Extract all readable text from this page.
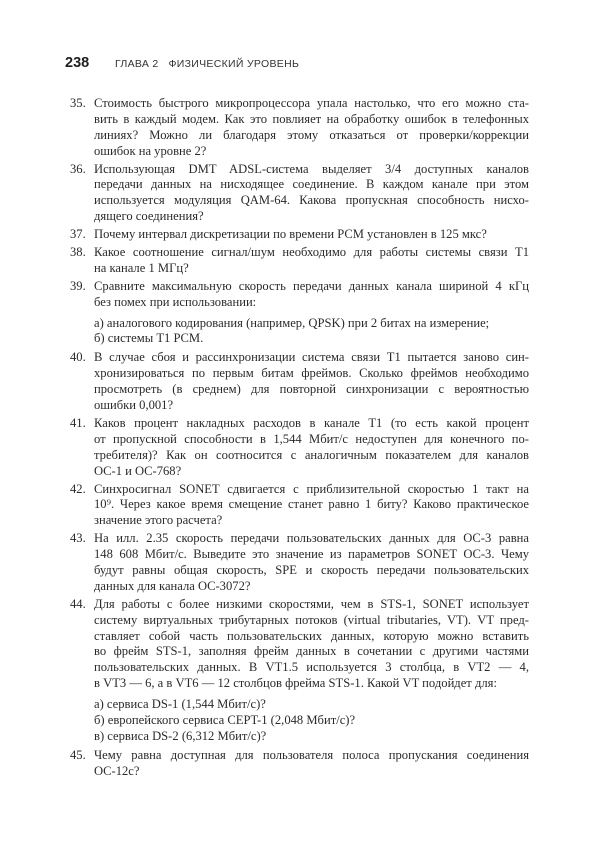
238	ГЛАВА 2 ФИЗИЧЕСКИЙ УРОВЕНЬ
35. Стоимость быстрого микропроцессора упала настолько, что его можно ста-
вить в каждый модем. Как это повлияет на обработку ошибок в телефонных
линиях? Можно ли благодаря этому отказаться от проверки/коррекции
ошибок на уровне 2?
36. Использующая DMT ADSL-система выделяет 3/4 доступных каналов
передачи данных на нисходящее соединение. В каждом канале при этом
используется модуляция QAM-64. Какова пропускная способность нисхо-
дящего соединения?
37. Почему интервал дискретизации по времени PCM установлен в 125 мкс?
38. Какое соотношение сигнал/шум необходимо для работы системы связи T1
на канале 1 МГц?
39. Сравните максимальную скорость передачи данных канала шириной 4 кГц
без помех при использовании:
а) аналогового кодирования (например, QPSK) при 2 битах на измерение;
б) системы T1 PCM.
40. В случае сбоя и рассинхронизации система связи T1 пытается заново син-
хронизироваться по первым битам фреймов. Сколько фреймов необходимо
просмотреть (в среднем) для повторной синхронизации с вероятностью
ошибки 0,001?
41. Каков процент накладных расходов в канале T1 (то есть какой процент
от пропускной способности в 1,544 Мбит/с недоступен для конечного по-
требителя)? Как он соотносится с аналогичным показателем для каналов
OC-1 и OC-768?
42. Синхросигнал SONET сдвигается с приблизительной скоростью 1 такт на
10⁹. Через какое время смещение станет равно 1 биту? Каково практическое
значение этого расчета?
43. На илл. 2.35 скорость передачи пользовательских данных для OC-3 равна
148 608 Мбит/с. Выведите это значение из параметров SONET OC-3. Чему
будут равны общая скорость, SPE и скорость передачи пользовательских
данных для канала OC-3072?
44. Для работы с более низкими скоростями, чем в STS-1, SONET использует
систему виртуальных трибутарных потоков (virtual tributaries, VT). VT пред-
ставляет собой часть пользовательских данных, которую можно вставить
во фрейм STS-1, заполняя фрейм данных в сочетании с другими частями
пользовательских данных. В VT1.5 используется 3 столбца, в VT2 — 4,
в VT3 — 6, а в VT6 — 12 столбцов фрейма STS-1. Какой VT подойдет для:
а) сервиса DS-1 (1,544 Мбит/с)?
б) европейского сервиса CEPT-1 (2,048 Мбит/с)?
в) сервиса DS-2 (6,312 Мбит/с)?
45. Чему равна доступная для пользователя полоса пропускания соединения
OC-12c?
